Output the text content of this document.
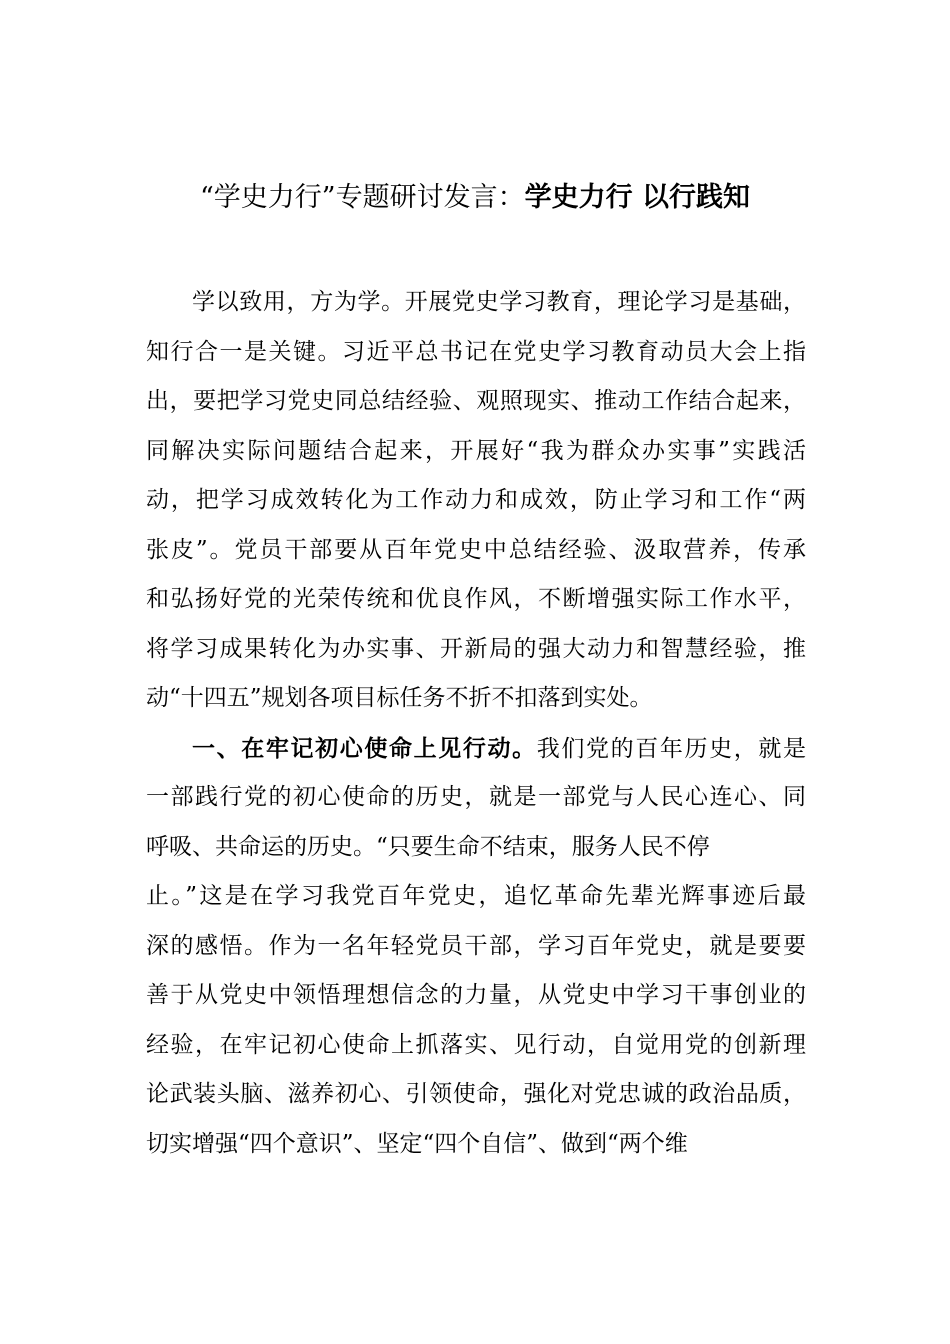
“学史力行”专题研讨发言：学史力行 以行践知
学以致用，方为学。开展党史学习教育，理论学习是基础，
知行合一是关键。习近平总书记在党史学习教育动员大会上指
出，要把学习党史同总结经验、观照现实、推动工作结合起来，
同解决实际问题结合起来，开展好“我为群众办实事”实践活
动，把学习成效转化为工作动力和成效，防止学习和工作“两
张皮”。党员干部要从百年党史中总结经验、汲取营养，传承
和弘扬好党的光荣传统和优良作风，不断增强实际工作水平，
将学习成果转化为办实事、开新局的强大动力和智慧经验，推
动“十四五”规划各项目标任务不折不扣落到实处。
一、在牢记初心使命上见行动。我们党的百年历史，就是
一部践行党的初心使命的历史，就是一部党与人民心连心、同
呼吸、共命运的历史。“只要生命不结束，服务人民不停
止。”这是在学习我党百年党史，追忆革命先辈光辉事迹后最
深的感悟。作为一名年轻党员干部，学习百年党史，就是要要
善于从党史中领悟理想信念的力量，从党史中学习干事创业的
经验，在牢记初心使命上抓落实、见行动，自觉用党的创新理
论武装头脑、滋养初心、引领使命，强化对党忠诚的政治品质，
切实增强“四个意识”、坚定“四个自信”、做到“两个维
